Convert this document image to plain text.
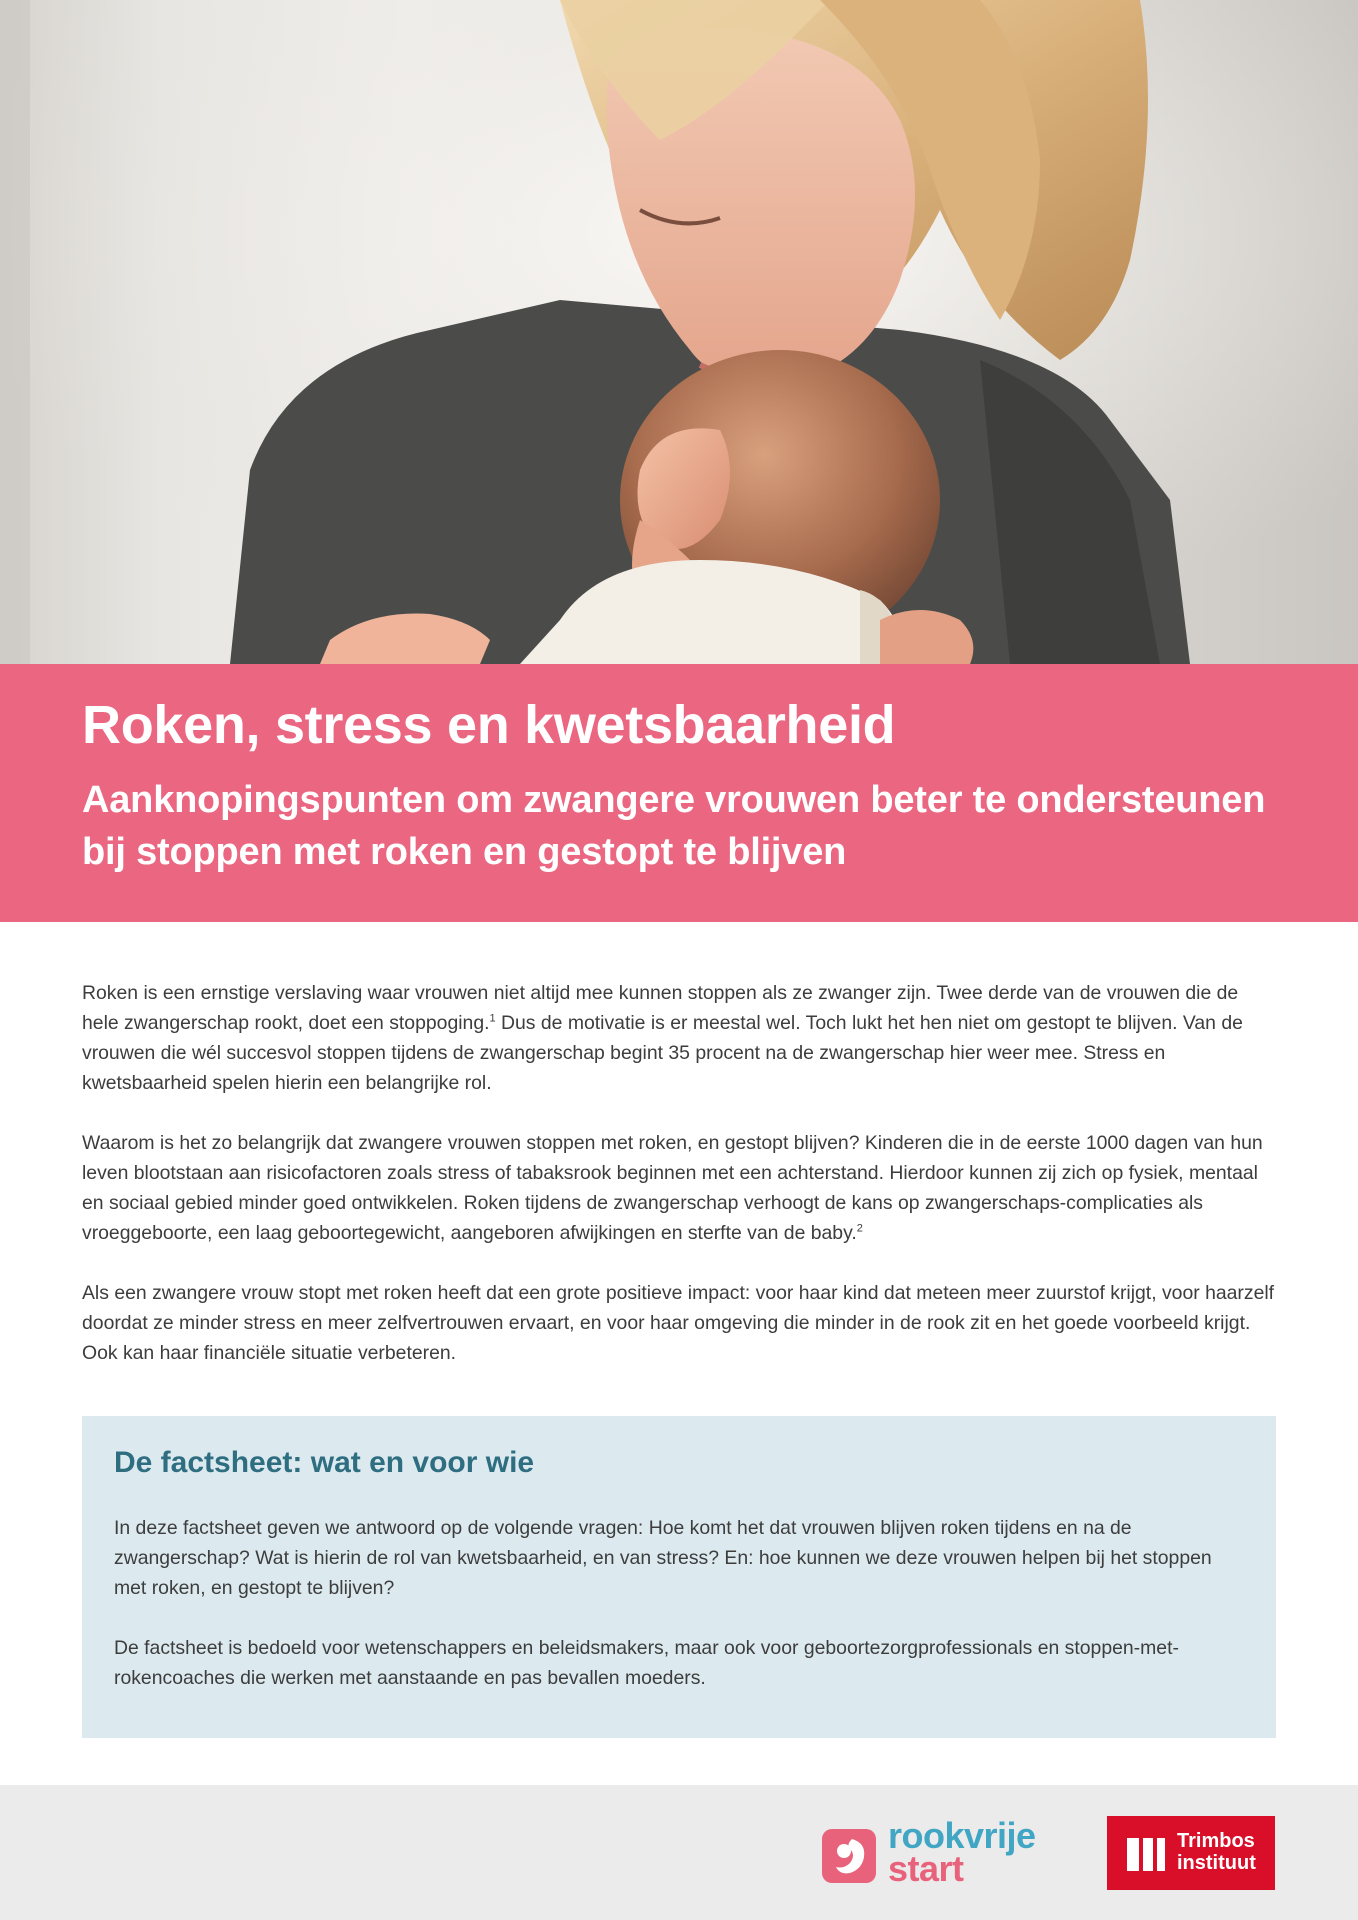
Roken, stress en kwetsbaarheid

Aanknopingspunten om zwangere vrouwen beter te ondersteunen bij stoppen met roken en gestopt te blijven

Roken is een ernstige verslaving waar vrouwen niet altijd mee kunnen stoppen als ze zwanger zijn. Twee derde van de vrouwen die de hele zwangerschap rookt, doet een stoppoging.$^1$ Dus de motivatie is er meestal wel. Toch lukt het hen niet om gestopt te blijven. Van de vrouwen die wél succesvol stoppen tijdens de zwangerschap begint 35 procent na de zwangerschap hier weer mee. Stress en kwetsbaarheid spelen hierin een belangrijke rol.

Waarom is het zo belangrijk dat zwangere vrouwen stoppen met roken, en gestopt blijven? Kinderen die in de eerste 1000 dagen van hun leven blootstaan aan risicofactoren zoals stress of tabaksrook beginnen met een achterstand. Hierdoor kunnen zij zich op fysiek, mentaal en sociaal gebied minder goed ontwikkelen. Roken tijdens de zwangerschap verhoogt de kans op zwangerschaps-complicaties als vroeggeboorte, een laag geboortegewicht, aangeboren afwijkingen en sterfte van de baby.$^2$

Als een zwangere vrouw stopt met roken heeft dat een grote positieve impact: voor haar kind dat meteen meer zuurstof krijgt, voor haarzelf doordat ze minder stress en meer zelfvertrouwen ervaart, en voor haar omgeving die minder in de rook zit en het goede voorbeeld krijgt. Ook kan haar financiële situatie verbeteren.

De factsheet: wat en voor wie

In deze factsheet geven we antwoord op de volgende vragen: Hoe komt het dat vrouwen blijven roken tijdens en na de zwangerschap? Wat is hierin de rol van kwetsbaarheid, en van stress? En: hoe kunnen we deze vrouwen helpen bij het stoppen met roken, en gestopt te blijven?

De factsheet is bedoeld voor wetenschappers en beleidsmakers, maar ook voor geboortezorgprofessionals en stoppen-met-rokencoaches die werken met aanstaande en pas bevallen moeders.

rookvrije
start
Trimbos
instituut
